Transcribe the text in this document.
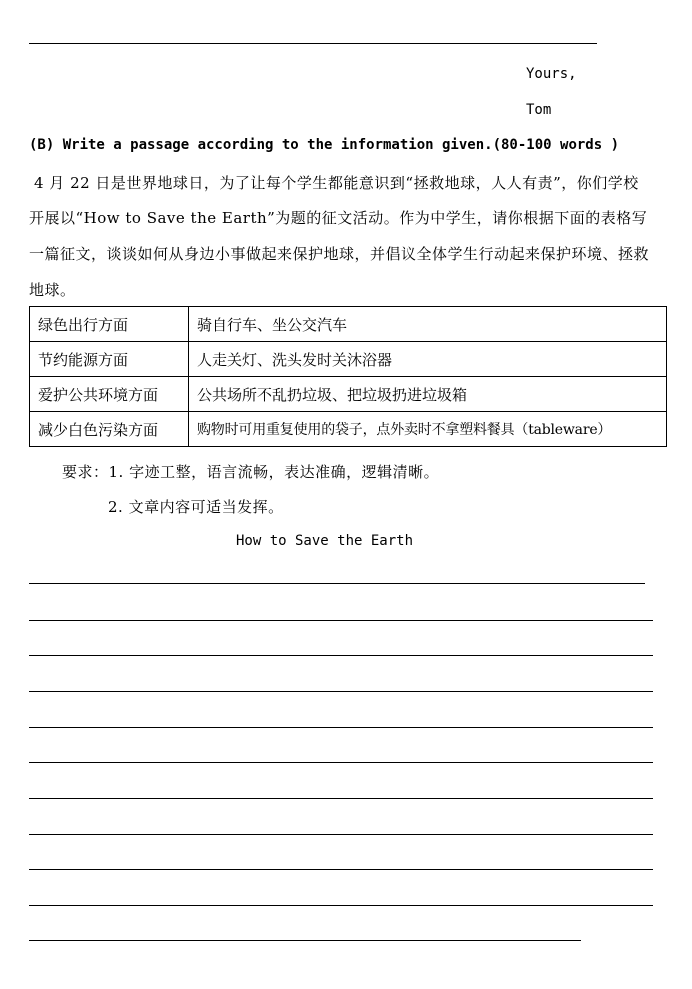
Yours,
Tom
(B) Write a passage according to the information given.(80-100 words )
4 月 22 日是世界地球日，为了让每个学生都能意识到“拯救地球，人人有责”，你们学校
开展以“How to Save the Earth”为题的征文活动。作为中学生，请你根据下面的表格写
一篇征文，谈谈如何从身边小事做起来保护地球，并倡议全体学生行动起来保护环境、拯救
地球。
绿色出行方面	骑自行车、坐公交汽车
节约能源方面	人走关灯、洗头发时关沐浴器
爱护公共环境方面	公共场所不乱扔垃圾、把垃圾扔进垃圾箱
减少白色污染方面	购物时可用重复使用的袋子，点外卖时不拿塑料餐具（tableware）
要求：1. 字迹工整，语言流畅，表达准确，逻辑清晰。
2. 文章内容可适当发挥。
How to Save the Earth
